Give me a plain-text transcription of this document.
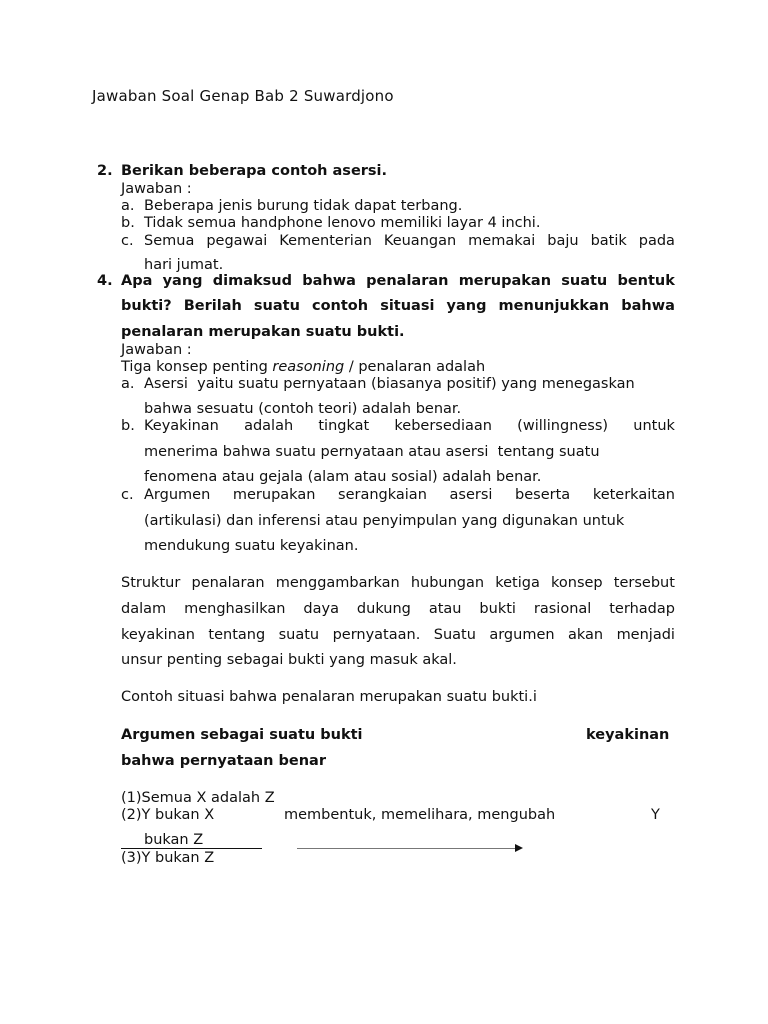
Jawaban Soal Genap Bab 2 Suwardjono
2. Berikan beberapa contoh asersi.
Jawaban :
a. Beberapa jenis burung tidak dapat terbang.
b. Tidak semua handphone lenovo memiliki layar 4 inchi.
c. Semua pegawai Kementerian Keuangan memakai baju batik pada
hari jumat.
4. Apa yang dimaksud bahwa penalaran merupakan suatu bentuk
bukti? Berilah suatu contoh situasi yang menunjukkan bahwa
penalaran merupakan suatu bukti.
Jawaban :
Tiga konsep penting reasoning / penalaran adalah
a. Asersi  yaitu suatu pernyataan (biasanya positif) yang menegaskan
bahwa sesuatu (contoh teori) adalah benar.
b. Keyakinan adalah tingkat kebersediaan (willingness) untuk
menerima bahwa suatu pernyataan atau asersi  tentang suatu
fenomena atau gejala (alam atau sosial) adalah benar.
c. Argumen merupakan serangkaian asersi beserta keterkaitan
(artikulasi) dan inferensi atau penyimpulan yang digunakan untuk
mendukung suatu keyakinan.
Struktur penalaran menggambarkan hubungan ketiga konsep tersebut
dalam menghasilkan daya dukung atau bukti rasional terhadap
keyakinan tentang suatu pernyataan. Suatu argumen akan menjadi
unsur penting sebagai bukti yang masuk akal.
Contoh situasi bahwa penalaran merupakan suatu bukti.i
Argumen sebagai suatu bukti	keyakinan
bahwa pernyataan benar
(1)Semua X adalah Z
(2)Y bukan X	membentuk, memelihara, mengubah	Y
bukan Z
(3)Y bukan Z
